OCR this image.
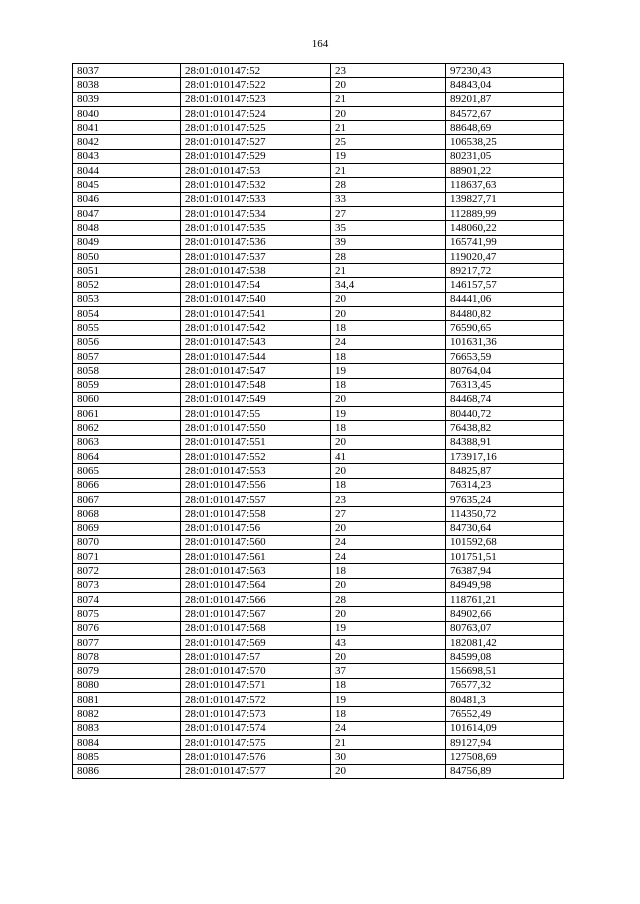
164
8037	28:01:010147:52	23	97230,43
8038	28:01:010147:522	20	84843,04
8039	28:01:010147:523	21	89201,87
8040	28:01:010147:524	20	84572,67
8041	28:01:010147:525	21	88648,69
8042	28:01:010147:527	25	106538,25
8043	28:01:010147:529	19	80231,05
8044	28:01:010147:53	21	88901,22
8045	28:01:010147:532	28	118637,63
8046	28:01:010147:533	33	139827,71
8047	28:01:010147:534	27	112889,99
8048	28:01:010147:535	35	148060,22
8049	28:01:010147:536	39	165741,99
8050	28:01:010147:537	28	119020,47
8051	28:01:010147:538	21	89217,72
8052	28:01:010147:54	34,4	146157,57
8053	28:01:010147:540	20	84441,06
8054	28:01:010147:541	20	84480,82
8055	28:01:010147:542	18	76590,65
8056	28:01:010147:543	24	101631,36
8057	28:01:010147:544	18	76653,59
8058	28:01:010147:547	19	80764,04
8059	28:01:010147:548	18	76313,45
8060	28:01:010147:549	20	84468,74
8061	28:01:010147:55	19	80440,72
8062	28:01:010147:550	18	76438,82
8063	28:01:010147:551	20	84388,91
8064	28:01:010147:552	41	173917,16
8065	28:01:010147:553	20	84825,87
8066	28:01:010147:556	18	76314,23
8067	28:01:010147:557	23	97635,24
8068	28:01:010147:558	27	114350,72
8069	28:01:010147:56	20	84730,64
8070	28:01:010147:560	24	101592,68
8071	28:01:010147:561	24	101751,51
8072	28:01:010147:563	18	76387,94
8073	28:01:010147:564	20	84949,98
8074	28:01:010147:566	28	118761,21
8075	28:01:010147:567	20	84902,66
8076	28:01:010147:568	19	80763,07
8077	28:01:010147:569	43	182081,42
8078	28:01:010147:57	20	84599,08
8079	28:01:010147:570	37	156698,51
8080	28:01:010147:571	18	76577,32
8081	28:01:010147:572	19	80481,3
8082	28:01:010147:573	18	76552,49
8083	28:01:010147:574	24	101614,09
8084	28:01:010147:575	21	89127,94
8085	28:01:010147:576	30	127508,69
8086	28:01:010147:577	20	84756,89
